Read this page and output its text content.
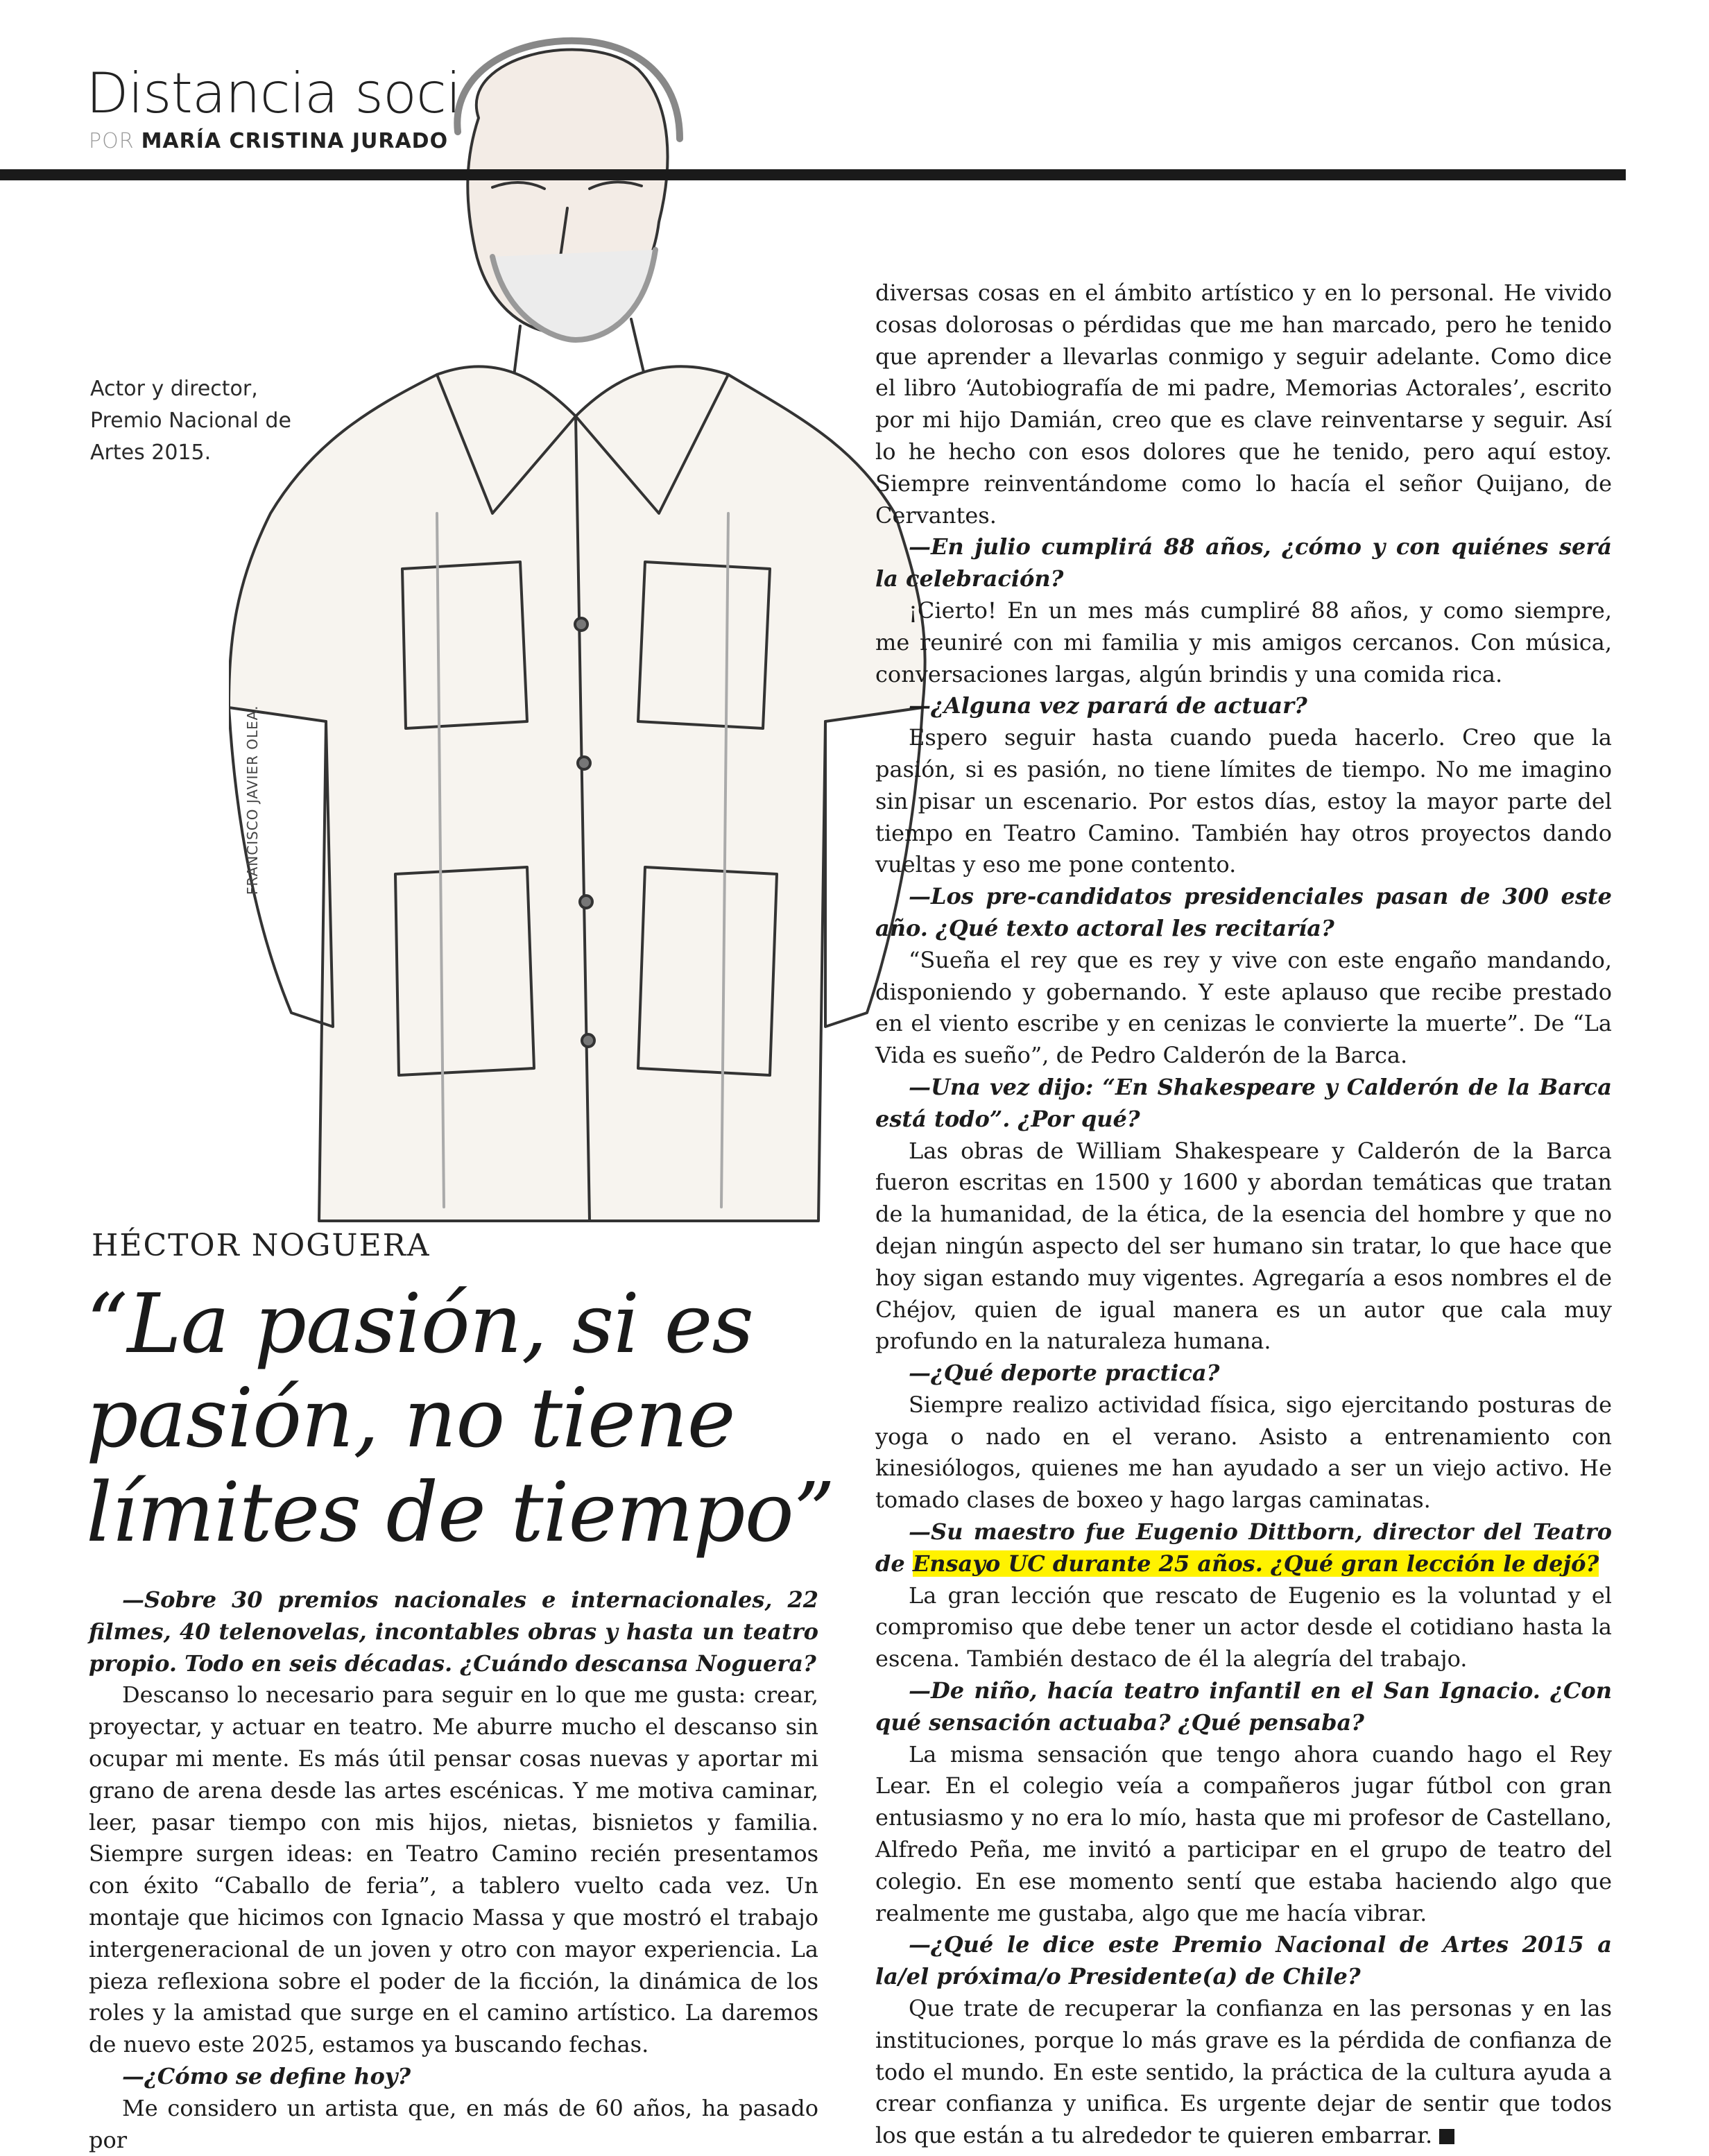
Distancia soci
POR MARÍA CRISTINA JURADO
Actor y director, Premio Nacional de Artes 2015.
FRANCISCO JAVIER OLEA.
HÉCTOR NOGUERA
“La pasión, si es pasión, no tiene límites de tiempo”

—Sobre 30 premios nacionales e internacionales, 22 filmes, 40 telenovelas, incontables obras y hasta un teatro propio. Todo en seis décadas. ¿Cuándo descansa Noguera?

Descanso lo necesario para seguir en lo que me gusta: crear, proyectar, y actuar en teatro. Me aburre mucho el descanso sin ocupar mi mente. Es más útil pensar cosas nuevas y aportar mi grano de arena desde las artes escénicas. Y me motiva caminar, leer, pasar tiempo con mis hijos, nietas, bisnietos y familia. Siempre surgen ideas: en Teatro Camino recién presentamos con éxito “Caballo de feria”, a tablero vuelto cada vez. Un montaje que hicimos con Ignacio Massa y que mostró el trabajo intergeneracional de un joven y otro con mayor experiencia. La pieza reflexiona sobre el poder de la ficción, la dinámica de los roles y la amistad que surge en el camino artístico. La daremos de nuevo este 2025, estamos ya buscando fechas.

—¿Cómo se define hoy?

Me considero un artista que, en más de 60 años, ha pasado por

diversas cosas en el ámbito artístico y en lo personal. He vivido cosas dolorosas o pérdidas que me han marcado, pero he tenido que aprender a llevarlas conmigo y seguir adelante. Como dice el libro ‘Autobiografía de mi padre, Memorias Actorales’, escrito por mi hijo Damián, creo que es clave reinventarse y seguir. Así lo he hecho con esos dolores que he tenido, pero aquí estoy. Siempre reinventándome como lo hacía el señor Quijano, de Cervantes.

—En julio cumplirá 88 años, ¿cómo y con quiénes será la celebración?

¡Cierto! En un mes más cumpliré 88 años, y como siempre, me reuniré con mi familia y mis amigos cercanos. Con música, conversaciones largas, algún brindis y una comida rica.

—¿Alguna vez parará de actuar?

Espero seguir hasta cuando pueda hacerlo. Creo que la pasión, si es pasión, no tiene límites de tiempo. No me imagino sin pisar un escenario. Por estos días, estoy la mayor parte del tiempo en Teatro Camino. También hay otros proyectos dando vueltas y eso me pone contento.

—Los pre-candidatos presidenciales pasan de 300 este año. ¿Qué texto actoral les recitaría?

“Sueña el rey que es rey y vive con este engaño mandando, disponiendo y gobernando. Y este aplauso que recibe prestado en el viento escribe y en cenizas le convierte la muerte”. De “La Vida es sueño”, de Pedro Calderón de la Barca.

—Una vez dijo: “En Shakespeare y Calderón de la Barca está todo”. ¿Por qué?

Las obras de William Shakespeare y Calderón de la Barca fueron escritas en 1500 y 1600 y abordan temáticas que tratan de la humanidad, de la ética, de la esencia del hombre y que no dejan ningún aspecto del ser humano sin tratar, lo que hace que hoy sigan estando muy vigentes. Agregaría a esos nombres el de Chéjov, quien de igual manera es un autor que cala muy profundo en la naturaleza humana.

—¿Qué deporte practica?

Siempre realizo actividad física, sigo ejercitando posturas de yoga o nado en el verano. Asisto a entrenamiento con kinesiólogos, quienes me han ayudado a ser un viejo activo. He tomado clases de boxeo y hago largas caminatas.

—Su maestro fue Eugenio Dittborn, director del Teatro de Ensayo UC durante 25 años. ¿Qué gran lección le dejó?

La gran lección que rescato de Eugenio es la voluntad y el compromiso que debe tener un actor desde el cotidiano hasta la escena. También destaco de él la alegría del trabajo.

—De niño, hacía teatro infantil en el San Ignacio. ¿Con qué sensación actuaba? ¿Qué pensaba?

La misma sensación que tengo ahora cuando hago el Rey Lear. En el colegio veía a compañeros jugar fútbol con gran entusiasmo y no era lo mío, hasta que mi profesor de Castellano, Alfredo Peña, me invitó a participar en el grupo de teatro del colegio. En ese momento sentí que estaba haciendo algo que realmente me gustaba, algo que me hacía vibrar.

—¿Qué le dice este Premio Nacional de Artes 2015 a la/el próxima/o Presidente(a) de Chile?

Que trate de recuperar la confianza en las personas y en las instituciones, porque lo más grave es la pérdida de confianza de todo el mundo. En este sentido, la práctica de la cultura ayuda a crear confianza y unifica. Es urgente dejar de sentir que todos los que están a tu alrededor te quieren embarrar.
